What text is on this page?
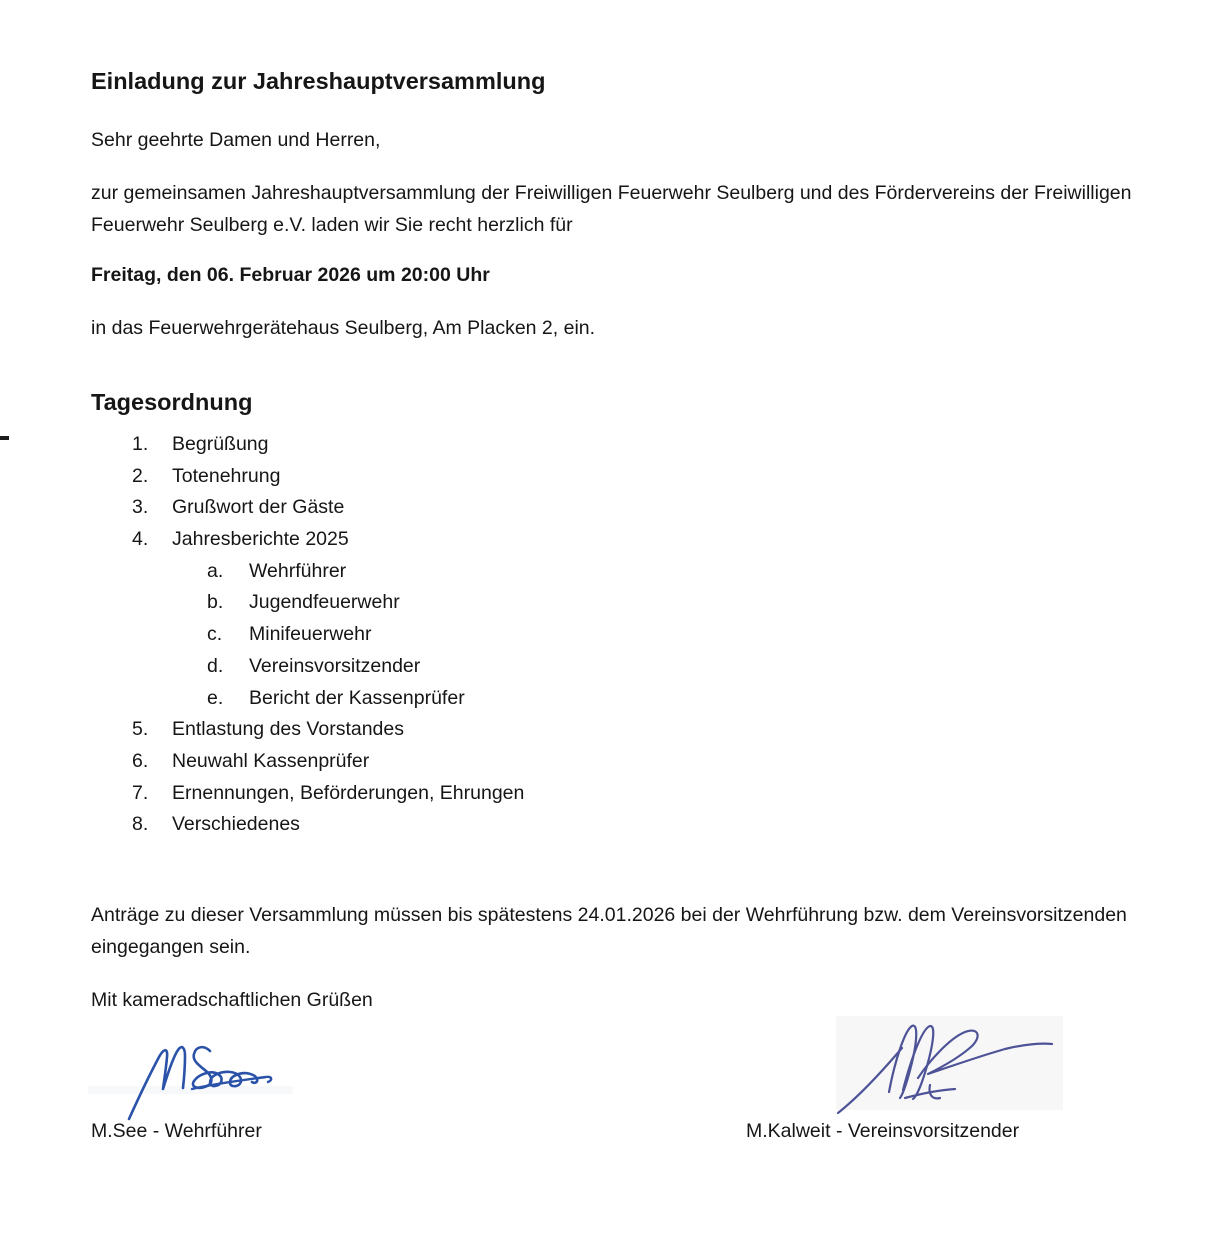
Einladung zur Jahreshauptversammlung
Sehr geehrte Damen und Herren,
zur gemeinsamen Jahreshauptversammlung der Freiwilligen Feuerwehr Seulberg und des Fördervereins der Freiwilligen Feuerwehr Seulberg e.V. laden wir Sie recht herzlich für
Freitag, den 06. Februar 2026 um 20:00 Uhr
in das Feuerwehrgerätehaus Seulberg, Am Placken 2, ein.
Tagesordnung
1. Begrüßung
2. Totenehrung
3. Grußwort der Gäste
4. Jahresberichte 2025
a. Wehrführer
b. Jugendfeuerwehr
c. Minifeuerwehr
d. Vereinsvorsitzender
e. Bericht der Kassenprüfer
5. Entlastung des Vorstandes
6. Neuwahl Kassenprüfer
7. Ernennungen, Beförderungen, Ehrungen
8. Verschiedenes
Anträge zu dieser Versammlung müssen bis spätestens 24.01.2026 bei der Wehrführung bzw. dem Vereinsvorsitzenden eingegangen sein.
Mit kameradschaftlichen Grüßen
M.See - Wehrführer	M.Kalweit - Vereinsvorsitzender
